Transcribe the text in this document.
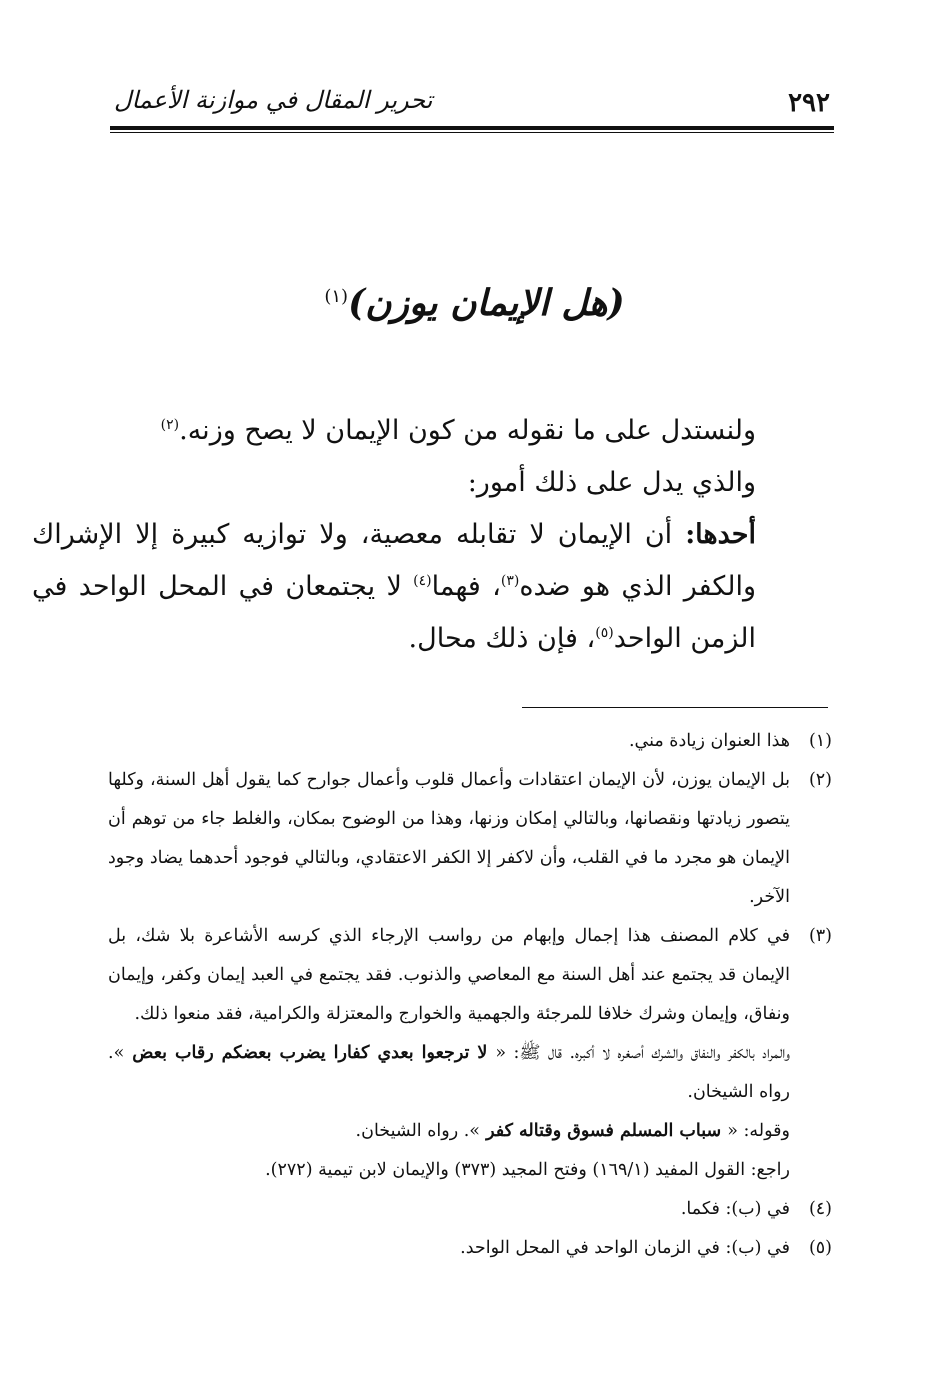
٢٩٢
تحرير المقال في موازنة الأعمال
(هل الإيمان يوزن)$^{(١)}$

ولنستدل على ما نقوله من كون الإيمان لا يصح وزنه.$^{(٢)}$

والذي يدل على ذلك أمور:

أحدها: أن الإيمان لا تقابله معصية، ولا توازيه كبيرة إلا الإشراك والكفر الذي هو ضده$^{(٣)}$، فهما$^{(٤)}$ لا يجتمعان في المحل الواحد في الزمن الواحد$^{(٥)}$، فإن ذلك محال.

(١)
هذا العنوان زيادة مني.
(٢)
بل الإيمان يوزن، لأن الإيمان اعتقادات وأعمال قلوب وأعمال جوارح كما يقول أهل السنة، وكلها يتصور زيادتها ونقصانها، وبالتالي إمكان وزنها، وهذا من الوضوح بمكان، والغلط جاء من توهم أن الإيمان هو مجرد ما في القلب، وأن لاكفر إلا الكفر الاعتقادي، وبالتالي فوجود أحدهما يضاد وجود الآخر.
(٣)
في كلام المصنف هذا إجمال وإبهام من رواسب الإرجاء الذي كرسه الأشاعرة بلا شك، بل الإيمان قد يجتمع عند أهل السنة مع المعاصي والذنوب. فقد يجتمع في العبد إيمان وكفر، وإيمان ونفاق، وإيمان وشرك خلافا للمرجئة والجهمية والخوارج والمعتزلة والكرامية، فقد منعوا ذلك.

والمراد بالكفر والنفاق والشرك أصغره لا أكبره. قال ﷺ: « لا ترجعوا بعدي كفارا يضرب بعضكم رقاب بعض ». رواه الشيخان.

وقوله: « سباب المسلم فسوق وقتاله كفر ». رواه الشيخان.

راجع: القول المفيد (١٦٩/١) وفتح المجيد (٣٧٣) والإيمان لابن تيمية (٢٧٢).

(٤)
في (ب): فكما.
(٥)
في (ب): في الزمان الواحد في المحل الواحد.
